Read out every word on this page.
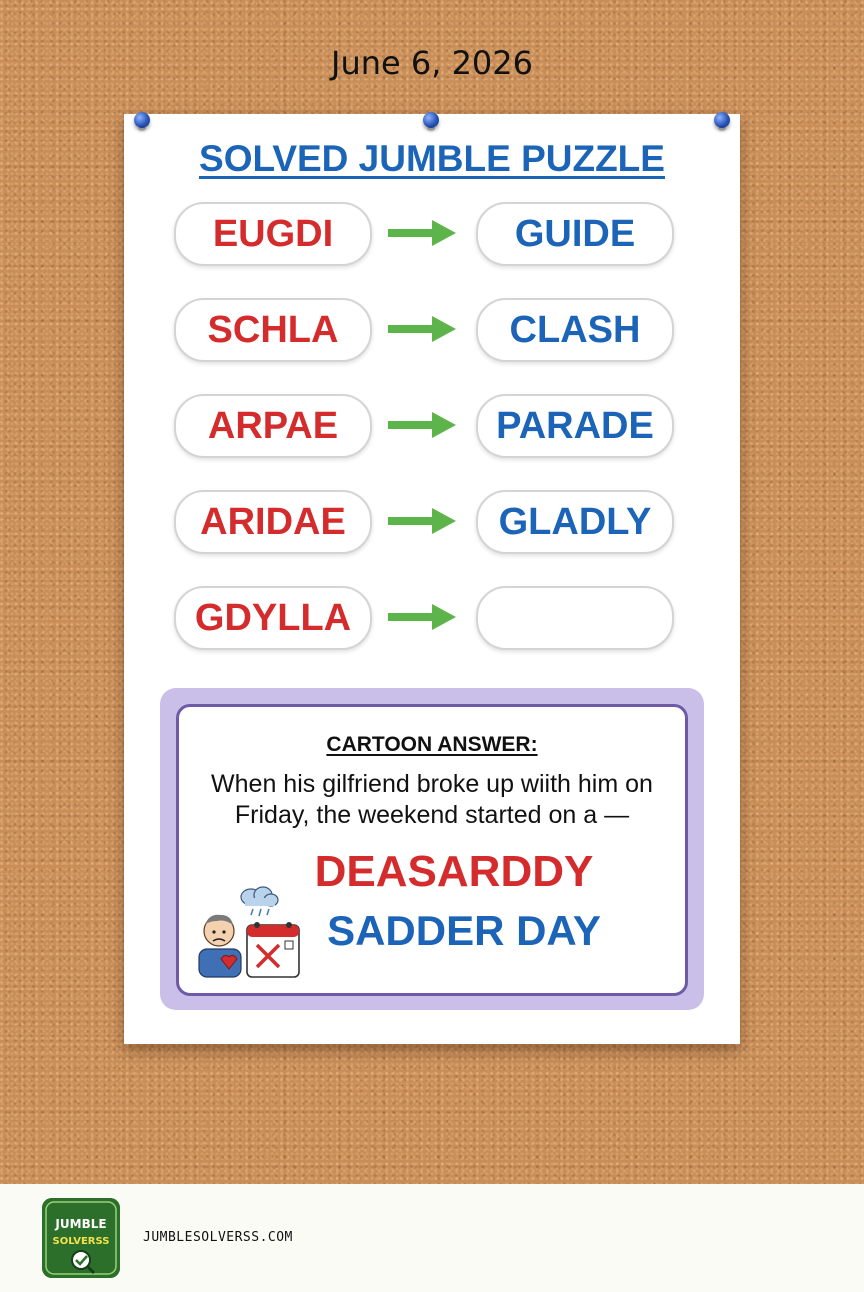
June 6, 2026
SOLVED JUMBLE PUZZLE
EUGDI	GUIDE
SCHLA	CLASH
ARPAE	PARADE
ARIDAE	GLADLY
GDYLLA
CARTOON ANSWER:
When his gilfriend broke up wiith him on
Friday, the weekend started on a —
DEASARDDY
SADDER DAY
JUMBLE
SOLVERSS	JUMBLESOLVERSS.COM
